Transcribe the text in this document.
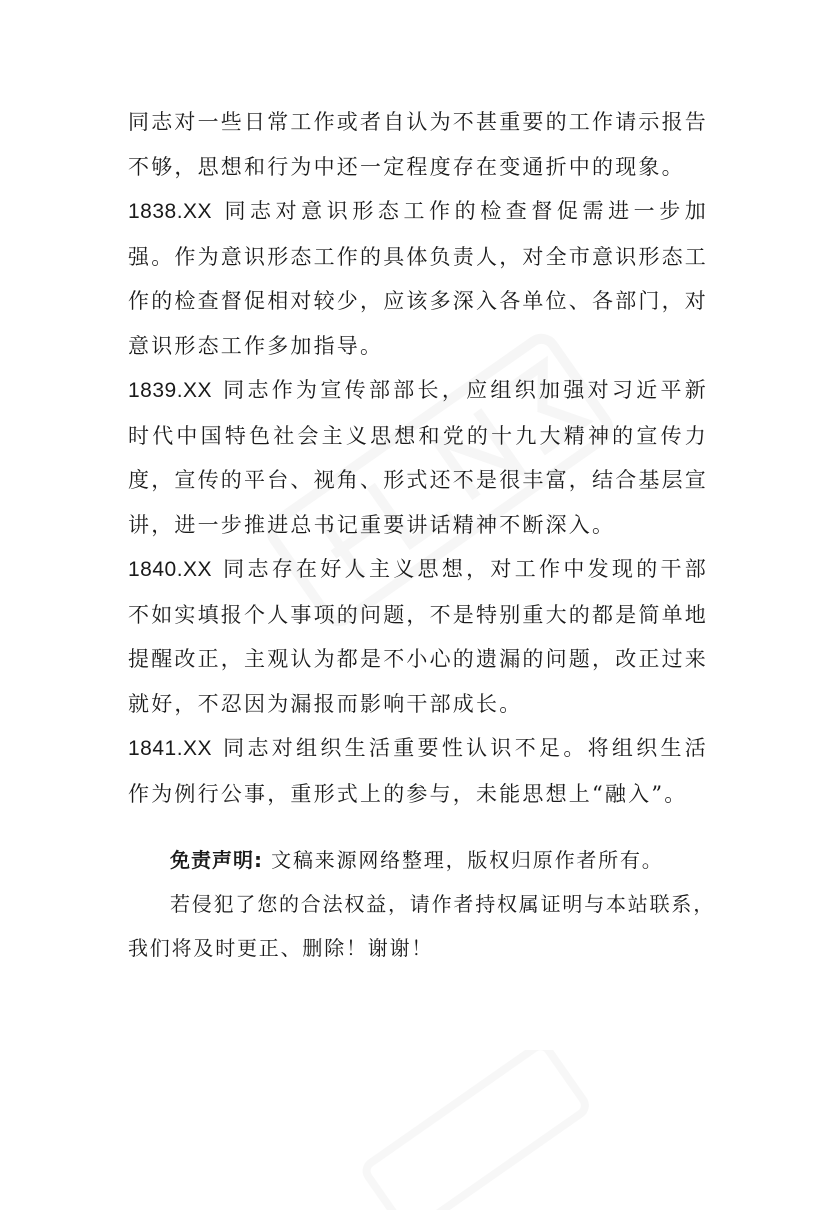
同志对一些日常工作或者自认为不甚重要的工作请示报告不够，思想和行为中还一定程度存在变通折中的现象。

1838.XX 同志对意识形态工作的检查督促需进一步加强。作为意识形态工作的具体负责人，对全市意识形态工作的检查督促相对较少，应该多深入各单位、各部门，对意识形态工作多加指导。

1839.XX 同志作为宣传部部长，应组织加强对习近平新时代中国特色社会主义思想和党的十九大精神的宣传力度，宣传的平台、视角、形式还不是很丰富，结合基层宣讲，进一步推进总书记重要讲话精神不断深入。

1840.XX 同志存在好人主义思想，对工作中发现的干部不如实填报个人事项的问题，不是特别重大的都是简单地提醒改正，主观认为都是不小心的遗漏的问题，改正过来就好，不忍因为漏报而影响干部成长。

1841.XX 同志对组织生活重要性认识不足。将组织生活作为例行公事，重形式上的参与，未能思想上“融入”。

免责声明: 文稿来源网络整理，版权归原作者所有。

若侵犯了您的合法权益，请作者持权属证明与本站联系，我们将及时更正、删除！谢谢！
